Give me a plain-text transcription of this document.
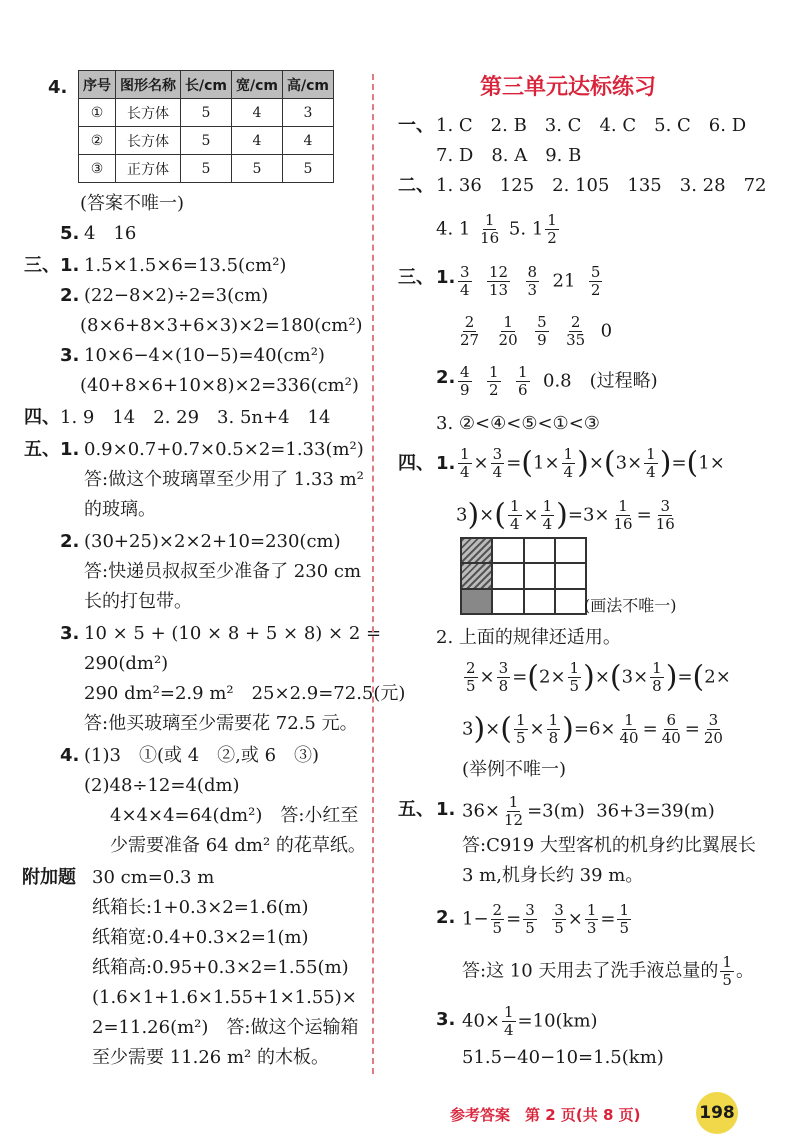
4. 序号	图形名称	长/cm	宽/cm	高/cm
①	长方体	5	4	3
②	长方体	5	4	4
③	正方体	5	5	5
(答案不唯一)
5. 4　16
三、 1. 1.5×1.5×6=13.5(cm²)
2. (22−8×2)÷2=3(cm)
(8×6+8×3+6×3)×2=180(cm²)
3. 10×6−4×(10−5)=40(cm²)
(40+8×6+10×8)×2=336(cm²)
四、 1. 9　14　2. 29　3. 5n+4　14
五、 1. 0.9×0.7+0.7×0.5×2=1.33(m²)
答:做这个玻璃罩至少用了 1.33 m²
的玻璃。
2. (30+25)×2×2+10=230(cm)
答:快递员叔叔至少准备了 230 cm
长的打包带。
3. 10 × 5 + (10 × 8 + 5 × 8) × 2 =
290(dm²)
290 dm²=2.9 m²　25×2.9=72.5(元)
答:他买玻璃至少需要花 72.5 元。
4. (1)3　①(或 4　②,或 6　③)
(2)48÷12=4(dm)
4×4×4=64(dm²)　答:小红至
少需要准备 64 dm² 的花草纸。
附加题 30 cm=0.3 m
纸箱长:1+0.3×2=1.6(m)
纸箱宽:0.4+0.3×2=1(m)
纸箱高:0.95+0.3×2=1.55(m)
(1.6×1+1.6×1.55+1×1.55)×
2=11.26(m²)　答:做这个运输箱
至少需要 11.26 m² 的木板。
第三单元达标练习
一、 1. C　2. B　3. C　4. C　5. C　6. D
7. D　8. A　9. B
二、 1. 36　125　2. 105　135　3. 28　72
4. $1 \frac{1}{16} 5$. $1 \frac{1}{2}$
三、 1. $\frac{3}{4}$
$\frac{12}{13}$
$\frac{8}{3} 21 \frac{5}{2}$
$\frac{2}{27}$
$\frac{1}{20}$
$\frac{5}{9}$
$\frac{2}{35} 0$
2. $\frac{4}{9}$
$\frac{1}{2}$
$\frac{1}{6} 0.8$　(过程略)
3. ②<④<⑤<①<③
四、 1. $\frac{1}{4} \times \frac{3}{4} =(1\times \frac{1}{4} )\times(3\times \frac{1}{4} )=(1\times$
$3)\times( \frac{1}{4} \times \frac{1}{4} )=3\times \frac{1}{16} = \frac{3}{16}$
(画法不唯一)
2. 上面的规律还适用。
$\frac{2}{5} \times \frac{3}{8} =(2\times \frac{1}{5} )\times(3\times \frac{1}{8} )=(2\times$
$3)\times( \frac{1}{5} \times \frac{1}{8} )=6\times \frac{1}{40} = \frac{6}{40} = \frac{3}{20}$
(举例不唯一)
五、 1. $36\times \frac{1}{12} =3(m)$  36+3=39(m)
答:C919 大型客机的机身约比翼展长
3 m,机身长约 39 m。
2. $1- \frac{2}{5} = \frac{3}{5}$
$\frac{3}{5} \times \frac{1}{3} = \frac{1}{5}$
答:这 10 天用去了洗手液总量的 $\frac{1}{5}$ 。
3. $40\times \frac{1}{4} =10(km)$
51.5−40−10=1.5(km)
参考答案　第 2 页(共 8 页)	198
